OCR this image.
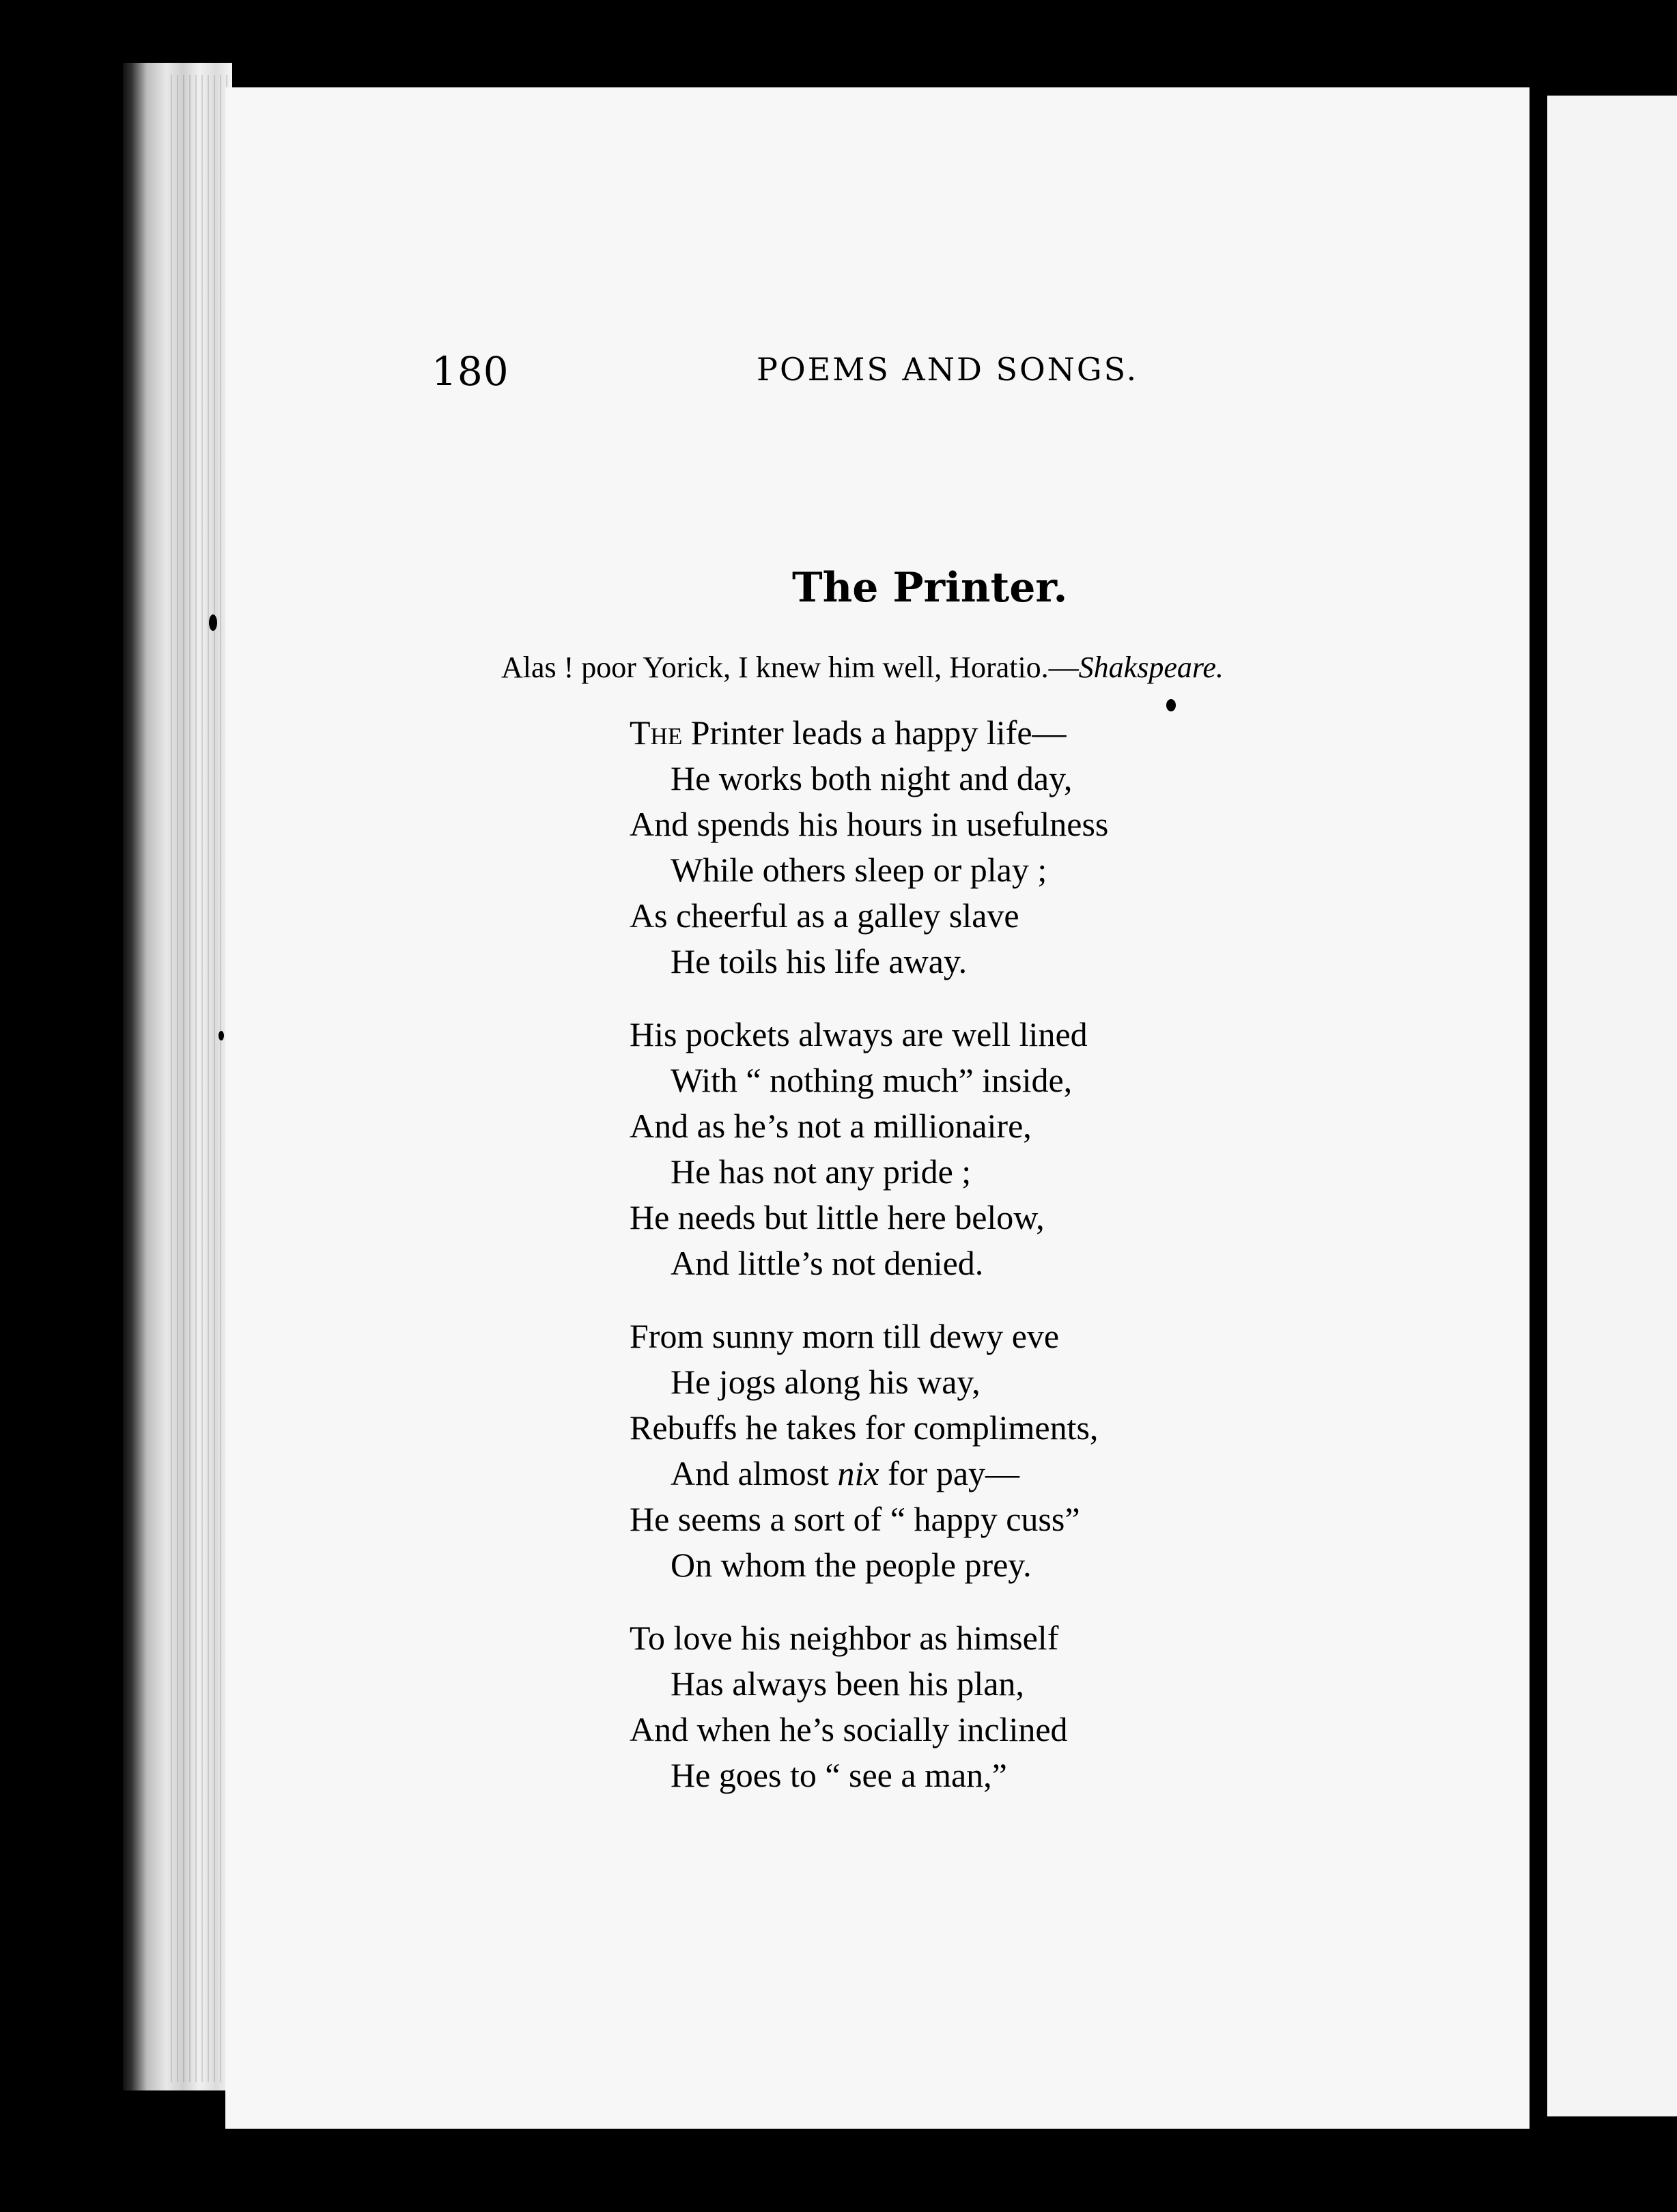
180	POEMS AND SONGS.
The Printer.
Alas ! poor Yorick, I knew him well, Horatio.—Shakspeare.
The Printer leads a happy life—
He works both night and day,
And spends his hours in usefulness
While others sleep or play ;
As cheerful as a galley slave
He toils his life away.
His pockets always are well lined
With “ nothing much” inside,
And as he’s not a millionaire,
He has not any pride ;
He needs but little here below,
And little’s not denied.
From sunny morn till dewy eve
He jogs along his way,
Rebuffs he takes for compliments,
And almost nix for pay—
He seems a sort of “ happy cuss”
On whom the people prey.
To love his neighbor as himself
Has always been his plan,
And when he’s socially inclined
He goes to “ see a man,”
